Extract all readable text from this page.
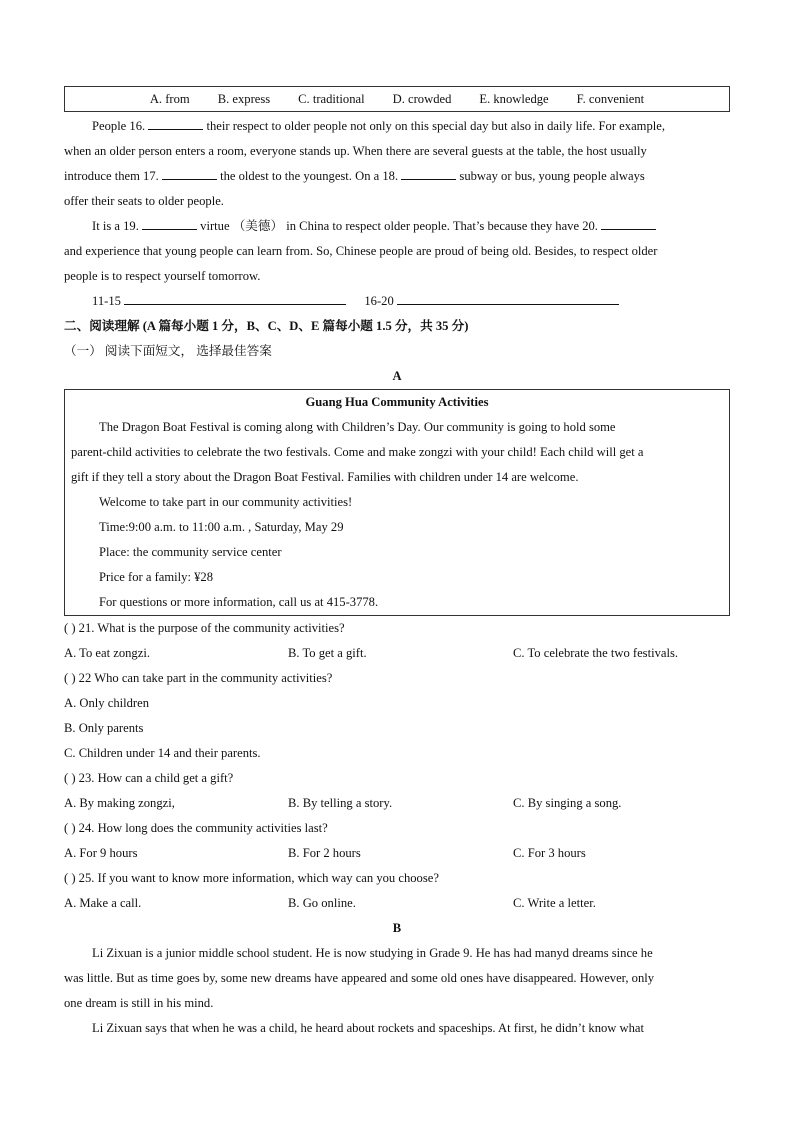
A. from B. express C. traditional D. crowded E. knowledge F. convenient
People 16.	their respect to older people not only on this special day but also in daily life. For example,
when an older person enters a room, everyone stands up. When there are several guests at the table, the host usually
introduce them 17.	the oldest to the youngest. On a 18.	subway or bus, young people always
offer their seats to older people.
It is a 19.	virtue （美德） in China to respect older people. That’s because they have 20.
and experience that young people can learn from. So, Chinese people are proud of being old. Besides, to respect older
people is to respect yourself tomorrow.
11-15	16-20
二、阅读理解 (A 篇每小题 1 分，B、C、D、E 篇每小题 1.5 分，共 35 分)
（一） 阅读下面短文， 选择最佳答案
A
Guang Hua Community Activities
The Dragon Boat Festival is coming along with Children’s Day. Our community is going to hold some
parent-child activities to celebrate the two festivals. Come and make zongzi with your child! Each child will get a
gift if they tell a story about the Dragon Boat Festival. Families with children under 14 are welcome.
Welcome to take part in our community activities!
Time:9:00 a.m. to 11:00 a.m. , Saturday, May 29
Place: the community service center
Price for a family: ¥28
For questions or more information, call us at 415-3778.
( ) 21. What is the purpose of the community activities?
A. To eat zongzi.	B. To get a gift.	C. To celebrate the two festivals.
( ) 22 Who can take part in the community activities?
A. Only children
B. Only parents
C. Children under 14 and their parents.
( ) 23. How can a child get a gift?
A. By making zongzi,	B. By telling a story.	C. By singing a song.
( ) 24. How long does the community activities last?
A. For 9 hours	B. For 2 hours	C. For 3 hours
( ) 25. If you want to know more information, which way can you choose?
A. Make a call.	B. Go online.	C. Write a letter.
B
Li Zixuan is a junior middle school student. He is now studying in Grade 9. He has had manyd dreams since he
was little. But as time goes by, some new dreams have appeared and some old ones have disappeared. However, only
one dream is still in his mind.
Li Zixuan says that when he was a child, he heard about rockets and spaceships. At first, he didn’t know what
